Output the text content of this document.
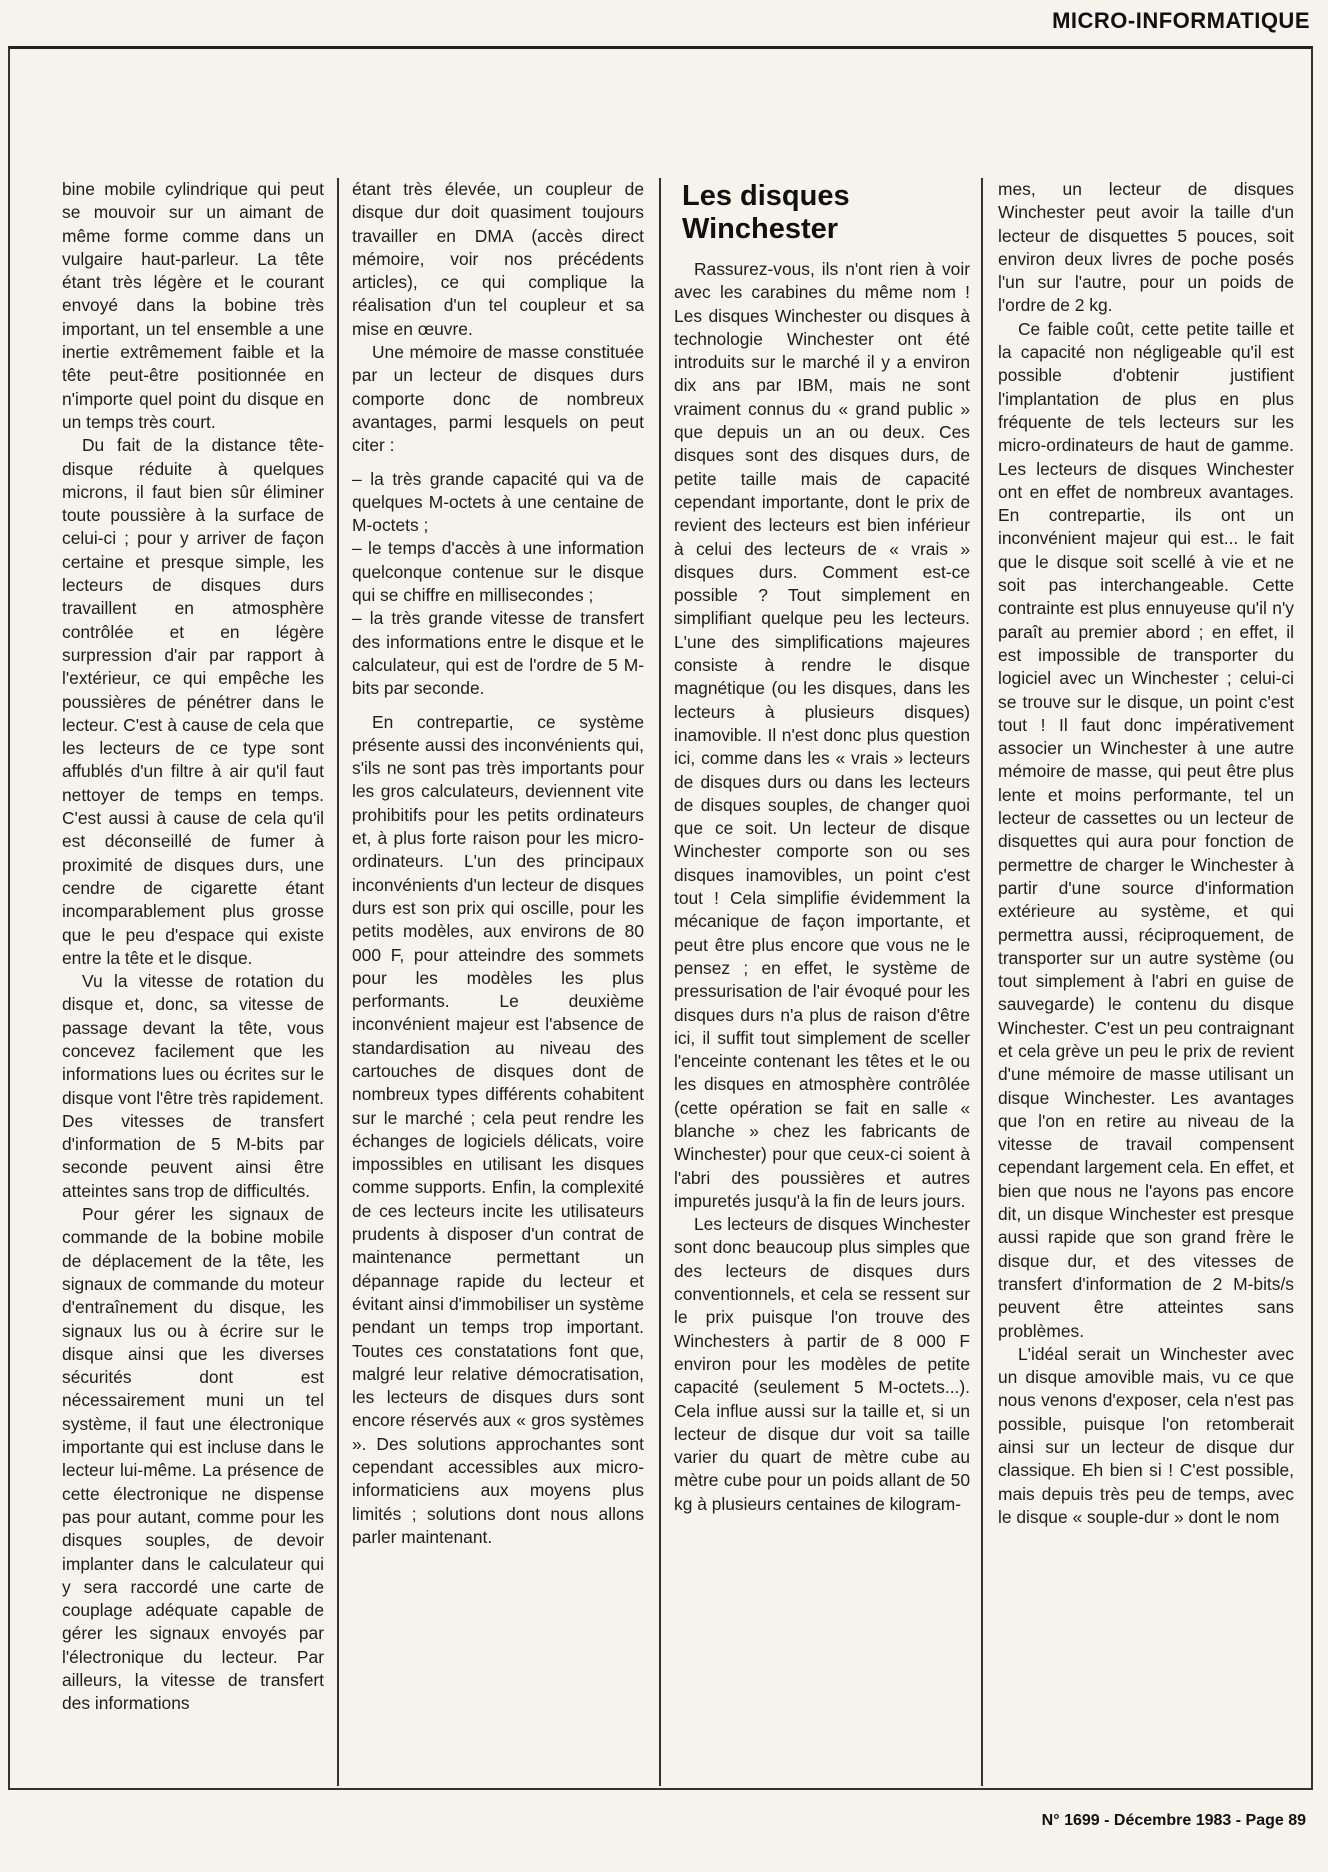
MICRO-INFORMATIQUE

bine mobile cylindrique qui peut se mouvoir sur un aimant de même forme comme dans un vulgaire haut-parleur. La tête étant très légère et le courant envoyé dans la bobine très important, un tel ensemble a une inertie extrêmement faible et la tête peut-être positionnée en n'importe quel point du disque en un temps très court.

Du fait de la distance tête-disque réduite à quelques microns, il faut bien sûr éliminer toute poussière à la surface de celui-ci ; pour y arriver de façon certaine et presque simple, les lecteurs de disques durs travaillent en atmosphère contrôlée et en légère surpression d'air par rapport à l'extérieur, ce qui empêche les poussières de pénétrer dans le lecteur. C'est à cause de cela que les lecteurs de ce type sont affublés d'un filtre à air qu'il faut nettoyer de temps en temps. C'est aussi à cause de cela qu'il est déconseillé de fumer à proximité de disques durs, une cendre de cigarette étant incomparablement plus grosse que le peu d'espace qui existe entre la tête et le disque.

Vu la vitesse de rotation du disque et, donc, sa vitesse de passage devant la tête, vous concevez facilement que les informations lues ou écrites sur le disque vont l'être très rapidement. Des vitesses de transfert d'information de 5 M-bits par seconde peuvent ainsi être atteintes sans trop de difficultés.

Pour gérer les signaux de commande de la bobine mobile de déplacement de la tête, les signaux de commande du moteur d'entraînement du disque, les signaux lus ou à écrire sur le disque ainsi que les diverses sécurités dont est nécessairement muni un tel système, il faut une électronique importante qui est incluse dans le lecteur lui-même. La présence de cette électronique ne dispense pas pour autant, comme pour les disques souples, de devoir implanter dans le calculateur qui y sera raccordé une carte de couplage adéquate capable de gérer les signaux envoyés par l'électronique du lecteur. Par ailleurs, la vitesse de transfert des informations

étant très élevée, un coupleur de disque dur doit quasiment toujours travailler en DMA (accès direct mémoire, voir nos précédents articles), ce qui complique la réalisation d'un tel coupleur et sa mise en œuvre.

Une mémoire de masse constituée par un lecteur de disques durs comporte donc de nombreux avantages, parmi lesquels on peut citer :

– la très grande capacité qui va de quelques M-octets à une centaine de M-octets ;

– le temps d'accès à une information quelconque contenue sur le disque qui se chiffre en millisecondes ;

– la très grande vitesse de transfert des informations entre le disque et le calculateur, qui est de l'ordre de 5 M-bits par seconde.

En contrepartie, ce système présente aussi des inconvénients qui, s'ils ne sont pas très importants pour les gros calculateurs, deviennent vite prohibitifs pour les petits ordinateurs et, à plus forte raison pour les micro-ordinateurs. L'un des principaux inconvénients d'un lecteur de disques durs est son prix qui oscille, pour les petits modèles, aux environs de 80 000 F, pour atteindre des sommets pour les modèles les plus performants. Le deuxième inconvénient majeur est l'absence de standardisation au niveau des cartouches de disques dont de nombreux types différents cohabitent sur le marché ; cela peut rendre les échanges de logiciels délicats, voire impossibles en utilisant les disques comme supports. Enfin, la complexité de ces lecteurs incite les utilisateurs prudents à disposer d'un contrat de maintenance permettant un dépannage rapide du lecteur et évitant ainsi d'immobiliser un système pendant un temps trop important. Toutes ces constatations font que, malgré leur relative démocratisation, les lecteurs de disques durs sont encore réservés aux « gros systèmes ». Des solutions approchantes sont cependant accessibles aux micro-informaticiens aux moyens plus limités ; solutions dont nous allons parler maintenant.

Les disques Winchester

Rassurez-vous, ils n'ont rien à voir avec les carabines du même nom ! Les disques Winchester ou disques à technologie Winchester ont été introduits sur le marché il y a environ dix ans par IBM, mais ne sont vraiment connus du « grand public » que depuis un an ou deux. Ces disques sont des disques durs, de petite taille mais de capacité cependant importante, dont le prix de revient des lecteurs est bien inférieur à celui des lecteurs de « vrais » disques durs. Comment est-ce possible ? Tout simplement en simplifiant quelque peu les lecteurs. L'une des simplifications majeures consiste à rendre le disque magnétique (ou les disques, dans les lecteurs à plusieurs disques) inamovible. Il n'est donc plus question ici, comme dans les « vrais » lecteurs de disques durs ou dans les lecteurs de disques souples, de changer quoi que ce soit. Un lecteur de disque Winchester comporte son ou ses disques inamovibles, un point c'est tout ! Cela simplifie évidemment la mécanique de façon importante, et peut être plus encore que vous ne le pensez ; en effet, le système de pressurisation de l'air évoqué pour les disques durs n'a plus de raison d'être ici, il suffit tout simplement de sceller l'enceinte contenant les têtes et le ou les disques en atmosphère contrôlée (cette opération se fait en salle « blanche » chez les fabricants de Winchester) pour que ceux-ci soient à l'abri des poussières et autres impuretés jusqu'à la fin de leurs jours.

Les lecteurs de disques Winchester sont donc beaucoup plus simples que des lecteurs de disques durs conventionnels, et cela se ressent sur le prix puisque l'on trouve des Winchesters à partir de 8 000 F environ pour les modèles de petite capacité (seulement 5 M-octets...). Cela influe aussi sur la taille et, si un lecteur de disque dur voit sa taille varier du quart de mètre cube au mètre cube pour un poids allant de 50 kg à plusieurs centaines de kilogram-

mes, un lecteur de disques Winchester peut avoir la taille d'un lecteur de disquettes 5 pouces, soit environ deux livres de poche posés l'un sur l'autre, pour un poids de l'ordre de 2 kg.

Ce faible coût, cette petite taille et la capacité non négligeable qu'il est possible d'obtenir justifient l'implantation de plus en plus fréquente de tels lecteurs sur les micro-ordinateurs de haut de gamme. Les lecteurs de disques Winchester ont en effet de nombreux avantages. En contrepartie, ils ont un inconvénient majeur qui est... le fait que le disque soit scellé à vie et ne soit pas interchangeable. Cette contrainte est plus ennuyeuse qu'il n'y paraît au premier abord ; en effet, il est impossible de transporter du logiciel avec un Winchester ; celui-ci se trouve sur le disque, un point c'est tout ! Il faut donc impérativement associer un Winchester à une autre mémoire de masse, qui peut être plus lente et moins performante, tel un lecteur de cassettes ou un lecteur de disquettes qui aura pour fonction de permettre de charger le Winchester à partir d'une source d'information extérieure au système, et qui permettra aussi, réciproquement, de transporter sur un autre système (ou tout simplement à l'abri en guise de sauvegarde) le contenu du disque Winchester. C'est un peu contraignant et cela grève un peu le prix de revient d'une mémoire de masse utilisant un disque Winchester. Les avantages que l'on en retire au niveau de la vitesse de travail compensent cependant largement cela. En effet, et bien que nous ne l'ayons pas encore dit, un disque Winchester est presque aussi rapide que son grand frère le disque dur, et des vitesses de transfert d'information de 2 M-bits/s peuvent être atteintes sans problèmes.

L'idéal serait un Winchester avec un disque amovible mais, vu ce que nous venons d'exposer, cela n'est pas possible, puisque l'on retomberait ainsi sur un lecteur de disque dur classique. Eh bien si ! C'est possible, mais depuis très peu de temps, avec le disque « souple-dur » dont le nom

N° 1699 - Décembre 1983 - Page 89
